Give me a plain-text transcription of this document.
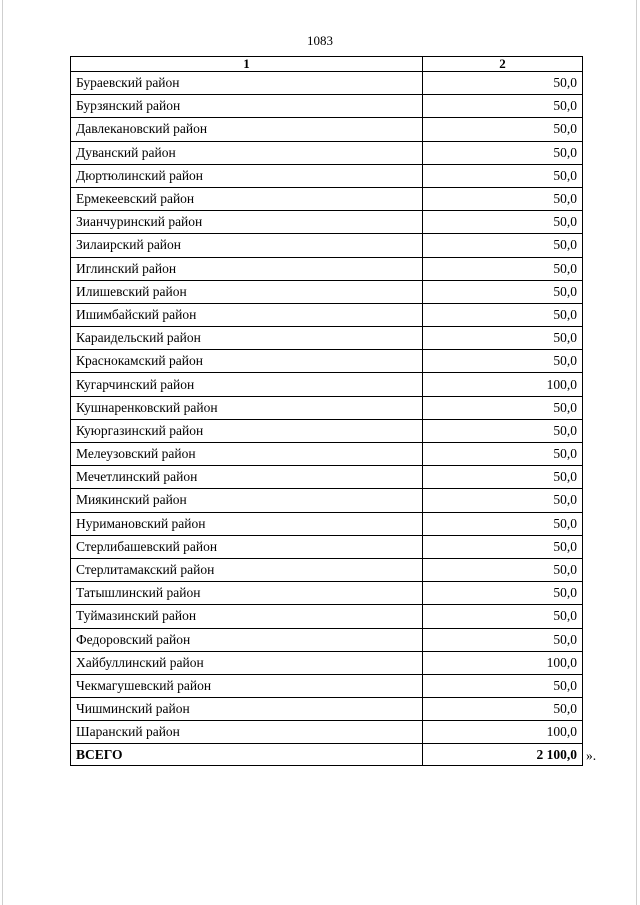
1083
1	2
Бураевский район	50,0
Бурзянский район	50,0
Давлекановский район	50,0
Дуванский район	50,0
Дюртюлинский район	50,0
Ермекеевский район	50,0
Зианчуринский район	50,0
Зилаирский район	50,0
Иглинский район	50,0
Илишевский район	50,0
Ишимбайский район	50,0
Караидельский район	50,0
Краснокамский район	50,0
Кугарчинский район	100,0
Кушнаренковский район	50,0
Куюргазинский район	50,0
Мелеузовский район	50,0
Мечетлинский район	50,0
Миякинский район	50,0
Нуримановский район	50,0
Стерлибашевский район	50,0
Стерлитамакский район	50,0
Татышлинский район	50,0
Туймазинский район	50,0
Федоровский район	50,0
Хайбуллинский район	100,0
Чекмагушевский район	50,0
Чишминский район	50,0
Шаранский район	100,0
ВСЕГО	2 100,0 ».
